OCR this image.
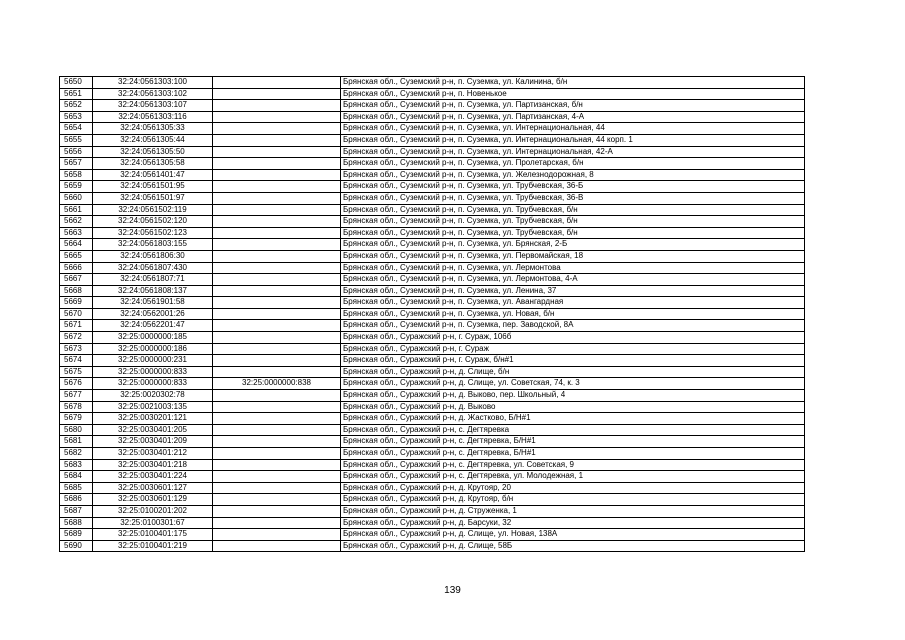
5650	32:24:0561303:100		Брянская обл., Суземский р-н, п. Суземка, ул. Калинина, б/н
5651	32:24:0561303:102		Брянская обл., Суземский р-н, п. Новенькое
5652	32:24:0561303:107		Брянская обл., Суземский р-н, п. Суземка, ул. Партизанская, б/н
5653	32:24:0561303:116		Брянская обл., Суземский р-н, п. Суземка, ул. Партизанская, 4-А
5654	32:24:0561305:33		Брянская обл., Суземский р-н, п. Суземка, ул. Интернациональная, 44
5655	32:24:0561305:44		Брянская обл., Суземский р-н, п. Суземка, ул. Интернациональная, 44 корп. 1
5656	32:24:0561305:50		Брянская обл., Суземский р-н, п. Суземка, ул. Интернациональная, 42-А
5657	32:24:0561305:58		Брянская обл., Суземский р-н, п. Суземка, ул. Пролетарская, б/н
5658	32:24:0561401:47		Брянская обл., Суземский р-н, п. Суземка, ул. Железнодорожная, 8
5659	32:24:0561501:95		Брянская обл., Суземский р-н, п. Суземка, ул. Трубчевская, 36-Б
5660	32:24:0561501:97		Брянская обл., Суземский р-н, п. Суземка, ул. Трубчевская, 36-В
5661	32:24:0561502:119		Брянская обл., Суземский р-н, п. Суземка, ул. Трубчевская, б/н
5662	32:24:0561502:120		Брянская обл., Суземский р-н, п. Суземка, ул. Трубчевская, б/н
5663	32:24:0561502:123		Брянская обл., Суземский р-н, п. Суземка, ул. Трубчевская, б/н
5664	32:24:0561803:155		Брянская обл., Суземский р-н, п. Суземка, ул. Брянская, 2-Б
5665	32:24:0561806:30		Брянская обл., Суземский р-н, п. Суземка, ул. Первомайская, 18
5666	32:24:0561807:430		Брянская обл., Суземский р-н, п. Суземка, ул. Лермонтова
5667	32:24:0561807:71		Брянская обл., Суземский р-н, п. Суземка, ул. Лермонтова, 4-А
5668	32:24:0561808:137		Брянская обл., Суземский р-н, п. Суземка, ул. Ленина, 37
5669	32:24:0561901:58		Брянская обл., Суземский р-н, п. Суземка, ул. Авангардная
5670	32:24:0562001:26		Брянская обл., Суземский р-н, п. Суземка, ул. Новая, б/н
5671	32:24:0562201:47		Брянская обл., Суземский р-н, п. Суземка, пер. Заводской, 8А
5672	32:25:0000000:185		Брянская обл., Суражский р-н, г. Сураж, 106б
5673	32:25:0000000:186		Брянская обл., Суражский р-н, г. Сураж
5674	32:25:0000000:231		Брянская обл., Суражский р-н, г. Сураж, б/н#1
5675	32:25:0000000:833		Брянская обл., Суражский р-н, д. Слище, б/н
5676	32:25:0000000:833	32:25:0000000:838	Брянская обл., Суражский р-н, д. Слище, ул. Советская, 74, к. 3
5677	32:25:0020302:78		Брянская обл., Суражский р-н, д. Выково, пер. Школьный, 4
5678	32:25:0021003:135		Брянская обл., Суражский р-н, д. Выково
5679	32:25:0030201:121		Брянская обл., Суражский р-н, д. Жастково, Б/Н#1
5680	32:25:0030401:205		Брянская обл., Суражский р-н, с. Дегтяревка
5681	32:25:0030401:209		Брянская обл., Суражский р-н, с. Дегтяревка, Б/Н#1
5682	32:25:0030401:212		Брянская обл., Суражский р-н, с. Дегтяревка, Б/Н#1
5683	32:25:0030401:218		Брянская обл., Суражский р-н, с. Дегтяревка, ул. Советская, 9
5684	32:25:0030401:224		Брянская обл., Суражский р-н, с. Дегтяревка, ул. Молодежная, 1
5685	32:25:0030601:127		Брянская обл., Суражский р-н, д. Крутояр, 20
5686	32:25:0030601:129		Брянская обл., Суражский р-н, д. Крутояр, б/н
5687	32:25:0100201:202		Брянская обл., Суражский р-н, д. Струженка, 1
5688	32:25:0100301:67		Брянская обл., Суражский р-н, д. Барсуки, 32
5689	32:25:0100401:175		Брянская обл., Суражский р-н, д. Слище, ул. Новая, 138А
5690	32:25:0100401:219		Брянская обл., Суражский р-н, д. Слище, 58Б
139
